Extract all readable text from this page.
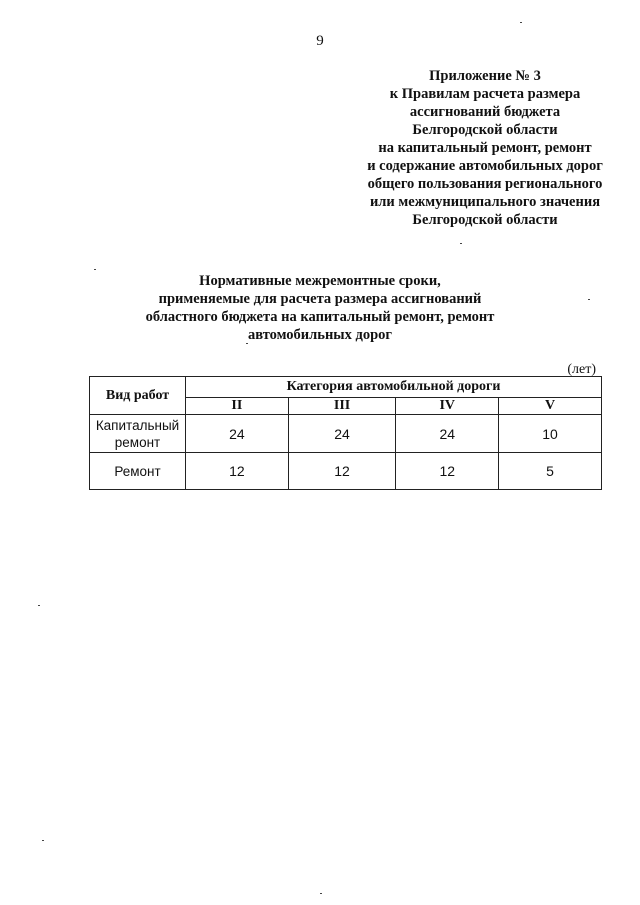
9
Приложение № 3
к Правилам расчета размера
ассигнований бюджета
Белгородской области
на капитальный ремонт, ремонт
и содержание автомобильных дорог
общего пользования регионального
или межмуниципального значения
Белгородской области
Нормативные межремонтные сроки,
применяемые для расчета размера ассигнований
областного бюджета на капитальный ремонт, ремонт
автомобильных дорог
(лет)
Вид работ	Категория автомобильной дороги			
	II	III	IV	V
Капитальный ремонт	24	24	24	10
Ремонт	12	12	12	5
